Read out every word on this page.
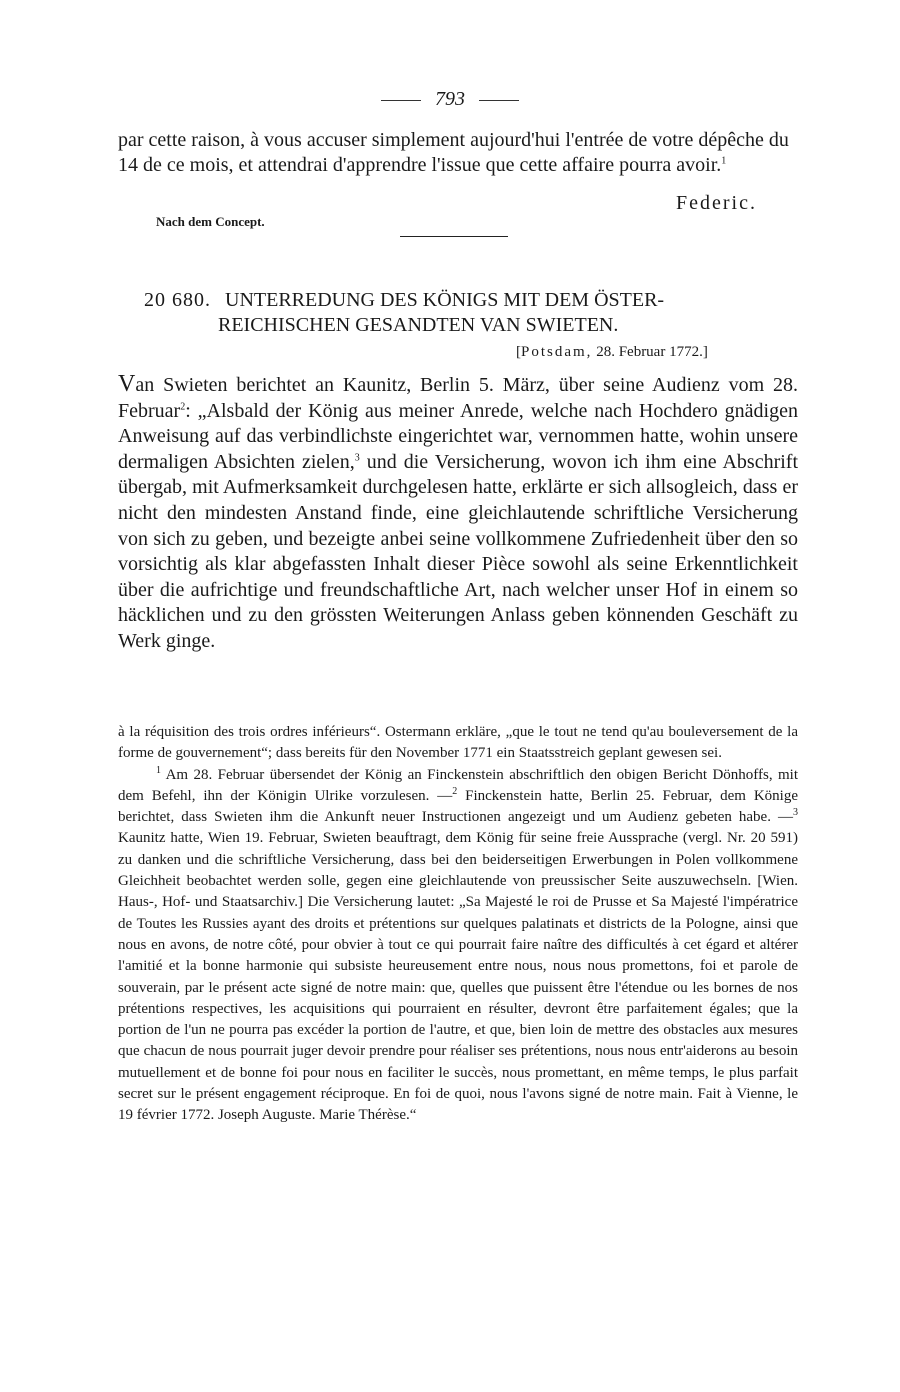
793
par cette raison, à vous accuser simplement aujourd'hui l'entrée de votre dépêche du 14 de ce mois, et attendrai d'apprendre l'issue que cette affaire pourra avoir.$^1$
Federic.
Nach dem Concept.
20 680. UNTERREDUNG DES KÖNIGS MIT DEM ÖSTER-
REICHISCHEN GESANDTEN VAN SWIETEN.
[Potsdam, 28. Februar 1772.]
Van Swieten berichtet an Kaunitz, Berlin 5. März, über seine Audienz vom 28. Februar$^2$: „Alsbald der König aus meiner Anrede, welche nach Hochdero gnädigen Anweisung auf das verbindlichste eingerichtet war, vernommen hatte, wohin unsere dermaligen Absichten zielen,$^3$ und die Versicherung, wovon ich ihm eine Abschrift übergab, mit Aufmerksamkeit durchgelesen hatte, erklärte er sich allsogleich, dass er nicht den mindesten Anstand finde, eine gleichlautende schriftliche Versicherung von sich zu geben, und bezeigte anbei seine vollkommene Zufriedenheit über den so vorsichtig als klar abgefassten Inhalt dieser Pièce sowohl als seine Erkenntlichkeit über die aufrichtige und freundschaftliche Art, nach welcher unser Hof in einem so häcklichen und zu den grössten Weiterungen Anlass geben könnenden Geschäft zu Werk ginge.

à la réquisition des trois ordres inférieurs“. Ostermann erkläre, „que le tout ne tend qu'au bouleversement de la forme de gouvernement“; dass bereits für den November 1771 ein Staatsstreich geplant gewesen sei.

$^1$ Am 28. Februar übersendet der König an Finckenstein abschriftlich den obigen Bericht Dönhoffs, mit dem Befehl, ihn der Königin Ulrike vorzulesen. —$^2$ Finckenstein hatte, Berlin 25. Februar, dem Könige berichtet, dass Swieten ihm die Ankunft neuer Instructionen angezeigt und um Audienz gebeten habe. —$^3$ Kaunitz hatte, Wien 19. Februar, Swieten beauftragt, dem König für seine freie Aussprache (vergl. Nr. 20 591) zu danken und die schriftliche Versicherung, dass bei den beiderseitigen Erwerbungen in Polen vollkommene Gleichheit beobachtet werden solle, gegen eine gleichlautende von preussischer Seite auszuwechseln. [Wien. Haus-, Hof- und Staatsarchiv.] Die Versicherung lautet: „Sa Majesté le roi de Prusse et Sa Majesté l'impératrice de Toutes les Russies ayant des droits et prétentions sur quelques palatinats et districts de la Pologne, ainsi que nous en avons, de notre côté, pour obvier à tout ce qui pourrait faire naître des difficultés à cet égard et altérer l'amitié et la bonne harmonie qui subsiste heureusement entre nous, nous nous promettons, foi et parole de souverain, par le présent acte signé de notre main: que, quelles que puissent être l'étendue ou les bornes de nos prétentions respectives, les acquisitions qui pourraient en résulter, devront être parfaitement égales; que la portion de l'un ne pourra pas excéder la portion de l'autre, et que, bien loin de mettre des obstacles aux mesures que chacun de nous pourrait juger devoir prendre pour réaliser ses prétentions, nous nous entr'aiderons au besoin mutuellement et de bonne foi pour nous en faciliter le succès, nous promettant, en même temps, le plus parfait secret sur le présent engagement réciproque. En foi de quoi, nous l'avons signé de notre main. Fait à Vienne, le 19 février 1772. Joseph Auguste. Marie Thérèse.“
